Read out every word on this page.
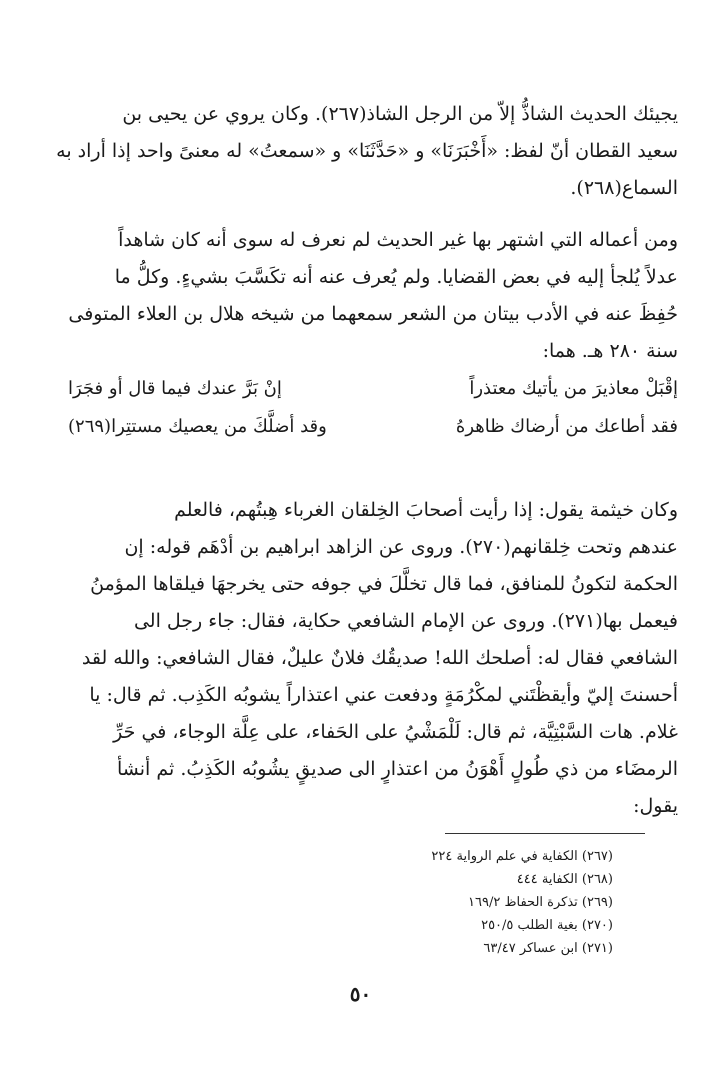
يجيئك الحديث الشاذُّ إلاّ من الرجل الشاذ(٢٦٧). وكان يروي عن يحيى بن
سعيد القطان أنّ لفظ: «أَخْبَرَنَا» و «حَدَّثَنَا» و «سمعتُ» له معنىً واحد إذا أراد به
السماع(٢٦٨).
ومن أعماله التي اشتهر بها غير الحديث لم نعرف له سوى أنه كان شاهداً
عدلاً يُلجأ إليه في بعض القضايا. ولم يُعرف عنه أنه تكَسَّبَ بشيءٍ. وكلُّ ما
حُفِظَ عنه في الأدب بيتان من الشعر سمعهما من شيخه هلال بن العلاء المتوفى
سنة ٢٨٠ هـ. هما:
إقْبَلْ معاذيرَ من يأتيك معتذراً
إنْ بَرَّ عندك فيما قال أو فجَرَا
فقد أطاعك من أرضاك ظاهرهُ
وقد أضلَّكَ من يعصيك مستتِرا(٢٦٩)
وكان خيثمة يقول: إذا رأيت أصحابَ الخِلقان الغرباء هِبتُهم، فالعلم
عندهم وتحت خِلقانهم(٢٧٠). وروى عن الزاهد ابراهيم بن أدْهَم قوله: إن
الحكمة لتكونُ للمنافق، فما قال تخلَّلَ في جوفه حتى يخرجهَا فيلقاها المؤمنُ
فيعمل بها(٢٧١). وروى عن الإمام الشافعي حكاية، فقال: جاء رجل الى
الشافعي فقال له: أصلحك الله! صديقُك فلانٌ عليلٌ، فقال الشافعي: والله لقد
أحسنتَ إليّ وأيقظْتَني لمكْرُمَةٍ ودفعت عني اعتذاراً يشوبُه الكَذِب. ثم قال: يا
غلام. هات السَّبْتِيَّة، ثم قال: لَلْمَشْيُ على الحَفاء، على عِلَّة الوجاء، في حَرِّ
الرمضَاء من ذي طُولٍ أَهْوَنُ من اعتذارٍ الى صديقٍ يشُوبُه الكَذِبُ. ثم أنشأ
يقول:
(٢٦٧) الكفاية في علم الرواية ٢٢٤
(٢٦٨) الكفاية ٤٤٤
(٢٦٩) تذكرة الحفاظ ١٦٩/٢
(٢٧٠) بغية الطلب ٢٥٠/٥
(٢٧١) ابن عساكر ٦٣/٤٧
٥٠
